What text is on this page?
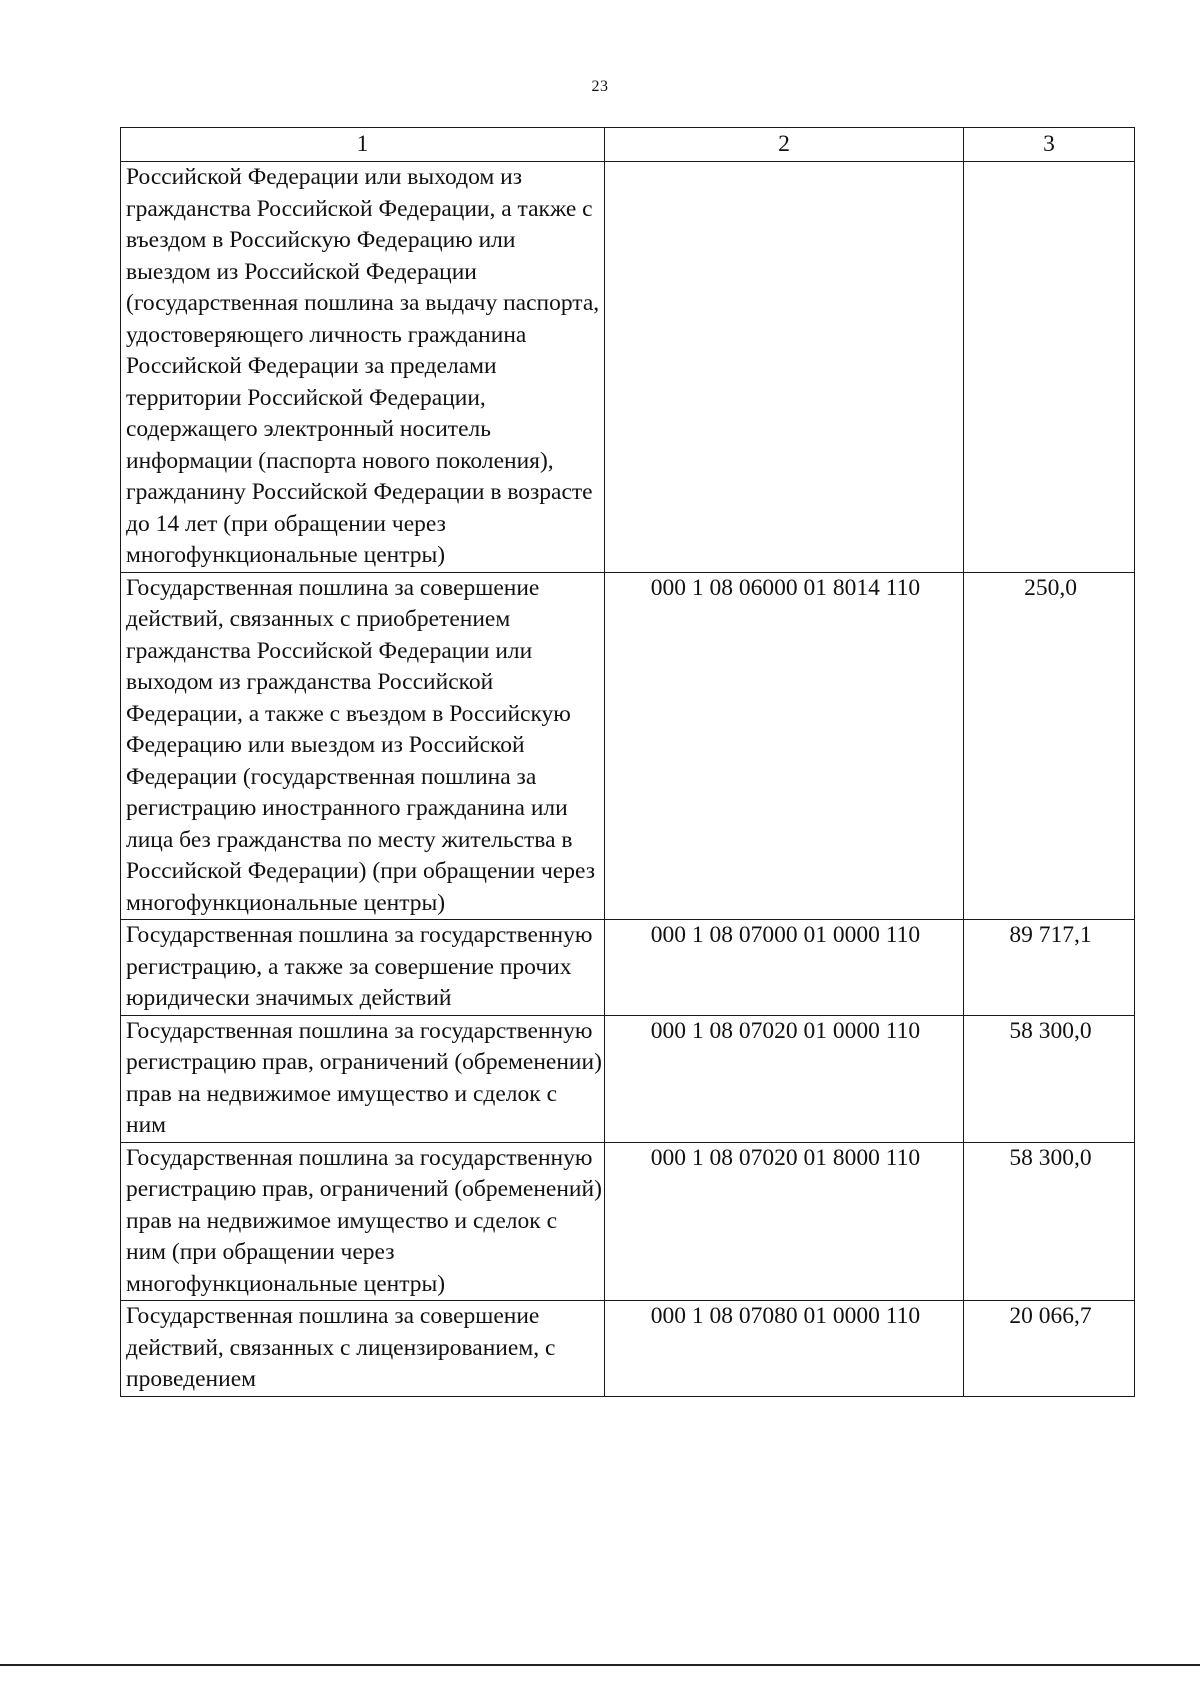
23
1	2	3
Российской Федерации или выходом из гражданства Российской Федерации, а также с въездом в Российскую Федерацию или выездом из Российской Федерации (государственная пошлина за выдачу паспорта, удостоверяющего личность гражданина Российской Федерации за пределами территории Российской Федерации, содержащего электронный носитель информации (паспорта нового поколения), гражданину Российской Федерации в возрасте до 14 лет (при обращении через многофункциональные центры)		
Государственная пошлина за совершение действий, связанных с приобретением гражданства Российской Федерации или выходом из гражданства Российской Федерации, а также с въездом в Российскую Федерацию или выездом из Российской Федерации (государственная пошлина за регистрацию иностранного гражданина или лица без гражданства по месту жительства в Российской Федерации) (при обращении через многофункциональные центры)	000 1 08 06000 01 8014 110	250,0
Государственная пошлина за государственную регистрацию, а также за совершение прочих юридически значимых действий	000 1 08 07000 01 0000 110	89 717,1
Государственная пошлина за государственную регистрацию прав, ограничений (обременении) прав на недвижимое имущество и сделок с ним	000 1 08 07020 01 0000 110	58 300,0
Государственная пошлина за государственную регистрацию прав, ограничений (обременений) прав на недвижимое имущество и сделок с ним (при обращении через многофункциональные центры)	000 1 08 07020 01 8000 110	58 300,0
Государственная пошлина за совершение действий, связанных с лицензированием, с проведением	000 1 08 07080 01 0000 110	20 066,7
